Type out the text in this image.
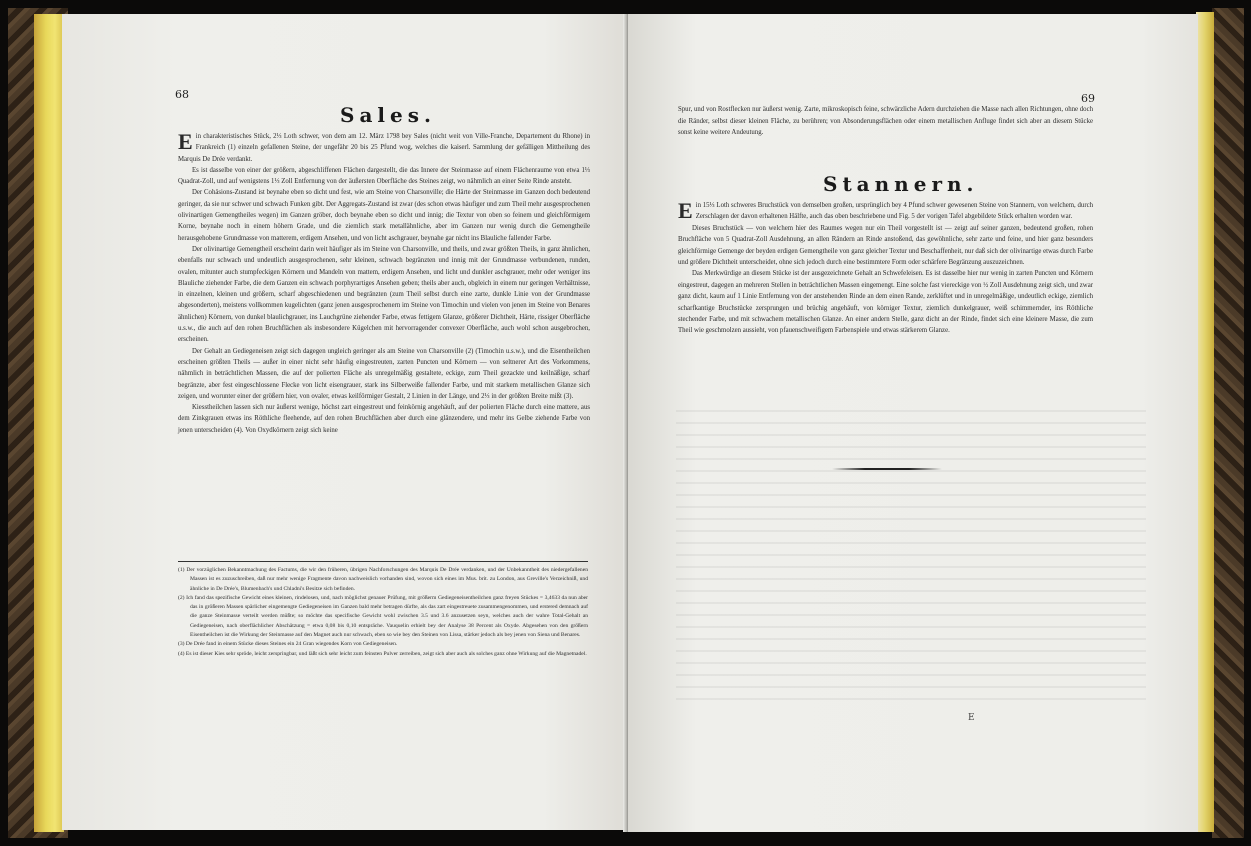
68
Sales.

Ein charakteristisches Stück, 2⅓ Loth schwer, von dem am 12. März 1798 bey Sales (nicht weit von Ville-Franche, Departement du Rhone) in Frankreich (1) einzeln gefallenen Steine, der ungefähr 20 bis 25 Pfund wog, welches die kaiserl. Sammlung der gefälligen Mittheilung des Marquis De Drée verdankt.

Es ist dasselbe von einer der größern, abgeschliffenen Flächen dargestellt, die das Innere der Steinmasse auf einem Flächenraume von etwa 1⅓ Quadrat-Zoll, und auf wenigstens 1⅓ Zoll Entfernung von der äußersten Oberfläche des Steines zeigt, wo nähmlich an einer Seite Rinde ansteht.

Der Cohäsions-Zustand ist beynahe eben so dicht und fest, wie am Steine von Charsonville; die Härte der Steinmasse im Ganzen doch bedeutend geringer, da sie nur schwer und schwach Funken gibt. Der Aggregats-Zustand ist zwar (des schon etwas häufiger und zum Theil mehr ausgesprochenen olivinartigen Gemengtheiles wegen) im Ganzen gröber, doch beynahe eben so dicht und innig; die Textur von oben so feinem und gleichförmigem Korne, beynahe noch in einem höhern Grade, und die ziemlich stark metallähnliche, aber im Ganzen nur wenig durch die Gemengtheile herausgehobene Grundmasse von matterem, erdigem Ansehen, und von licht aschgrauer, beynahe gar nicht ins Blauliche fallender Farbe.

Der olivinartige Gemengtheil erscheint darin weit häufiger als im Steine von Charsonville, und theils, und zwar größten Theils, in ganz ähnlichen, ebenfalls nur schwach und undeutlich ausgesprochenen, sehr kleinen, schwach begränzten und innig mit der Grundmasse verbundenen, runden, ovalen, mitunter auch stumpfeckigen Körnern und Mandeln von mattem, erdigem Ansehen, und licht und dunkler aschgrauer, mehr oder weniger ins Blauliche ziehender Farbe, die dem Ganzen ein schwach porphyrartiges Ansehen geben; theils aber auch, obgleich in einem nur geringen Verhältnisse, in einzelnen, kleinen und größern, scharf abgeschiedenen und begränzten (zum Theil selbst durch eine zarte, dunkle Linie von der Grundmasse abgesonderten), meistens vollkommen kugelichten (ganz jenen ausgesprochenern im Steine von Timochin und vielen von jenen im Steine von Benares ähnlichen) Körnern, von dunkel blaulichgrauer, ins Lauchgrüne ziehender Farbe, etwas fettigem Glanze, größerer Dichtheit, Härte, rissiger Oberfläche u.s.w., die auch auf den rohen Bruchflächen als insbesondere Kügelchen mit hervorragender convexer Oberfläche, auch wohl schon ausgebrochen, erscheinen.

Der Gehalt an Gediegeneisen zeigt sich dagegen ungleich geringer als am Steine von Charsonville (2) (Timochin u.s.w.), und die Eisentheilchen erscheinen größten Theils — außer in einer nicht sehr häufig eingestreuten, zarten Puncten und Körnern — von seltnerer Art des Vorkommens, nähmlich in beträchtlichen Massen, die auf der polierten Fläche als unregelmäßig gestaltete, eckige, zum Theil gezackte und keilnäßige, scharf begränzte, aber fest eingeschlossene Flecke von licht eisengrauer, stark ins Silberweiße fallender Farbe, und mit starkem metallischen Glanze sich zeigen, und worunter einer der größern hier, von ovaler, etwas keilförmiger Gestalt, 2 Linien in der Länge, und 2⅓ in der größten Breite mißt (3).

Kiesstheilchen lassen sich nur äußerst wenige, höchst zart eingestreut und feinkörnig angehäuft, auf der polierten Fläche durch eine mattere, aus dem Zinkgrauen etwas ins Röthliche fleehende, auf den rohen Bruchflächen aber durch eine glänzendere, und mehr ins Gelbe ziehende Farbe von jenen unterscheiden (4). Von Oxydkörnern zeigt sich keine

(1) Der vorzüglichen Bekanntmachung des Factums, die wir den früheren, übrigen Nachforschungen des Marquis De Drée verdanken, und der Unbekanntheit des niedergefallenen Massen ist es zuzuschreiben, daß nur mehr wenige Fragmente davon nachweislich vorhanden sind, wovon sich eines im Mus. brit. zu London, aus Greville's Verzeichniß, und ähnliche in De Drée's, Blumenbach's und Chladni's Besitze sich befinden.

(2) Ich fand das spezifische Gewicht eines kleinen, rindelosen, und, nach möglichst genauer Prüfung, mit größerm Gediegeneisentheilchen ganz freyen Stückes = 3,4633 da nun aber das in größeren Massen spärlicher eingemengte Gediegeneisen im Ganzen bald mehr betragen dürfte, als das zart eingestreuete zusammengenommen, und erstered demnach auf die ganze Steinmasse verteilt werden müßte; so möchte das specifische Gewicht wohl zwischen 3.5 und 3.6 anzusetzen seyn, welches auch der wahre Total-Gehalt an Gediegeneisen, nach oberflächlicher Abschätzung = etwa 0,08 bis 0,10 entspräche. Vauquelin erhielt bey der Analyse 38 Percent als Oxyde. Abgesehen von den größern Eisentheilchen ist die Wirkung der Steinmasse auf den Magnet auch nur schwach, eben so wie bey den Steinen von Lissa, stärker jedoch als bey jenen von Siena und Benares.

(3) De Drée fand in einem Stücke dieses Steines ein 24 Gran wiegendes Korn von Gediegeneisen.

(4) Es ist dieser Kies sehr spröde, leicht zerspringbar, und läßt sich sehr leicht zum feinsten Pulver zerreiben, zeigt sich aber auch als solches ganz ohne Wirkung auf die Magnetnadel.

69

Spur, und von Rostflecken nur äußerst wenig. Zarte, mikroskopisch feine, schwärzliche Adern durchziehen die Masse nach allen Richtungen, ohne doch die Ränder, selbst dieser kleinen Fläche, zu berühren; von Absonderungsflächen oder einem metallischen Anfluge findet sich aber an diesem Stücke sonst keine weitere Andeutung.

Stannern.

Ein 15⅓ Loth schweres Bruchstück von demselben großen, ursprünglich bey 4 Pfund schwer gewesenen Steine von Stannern, von welchem, durch Zerschlagen der davon erhaltenen Hälfte, auch das oben beschriebene und Fig. 5 der vorigen Tafel abgebildete Stück erhalten worden war.

Dieses Bruchstück — von welchem hier des Raumes wegen nur ein Theil vorgestellt ist — zeigt auf seiner ganzen, bedeutend großen, rohen Bruchfläche von 5 Quadrat-Zoll Ausdehnung, an allen Rändern an Rinde anstoßend, das gewöhnliche, sehr zarte und feine, und hier ganz besonders gleichförmige Gemenge der beyden erdigen Gemengtheile von ganz gleicher Textur und Beschaffenheit, nur daß sich der olivinartige etwas durch Farbe und größere Dichtheit unterscheidet, ohne sich jedoch durch eine bestimmtere Form oder schärfere Begränzung auszuzeichnen.

Das Merkwürdige an diesem Stücke ist der ausgezeichnete Gehalt an Schwefeleisen. Es ist dasselbe hier nur wenig in zarten Puncten und Körnern eingestreut, dagegen an mehreren Stellen in beträchtlichen Massen eingemengt. Eine solche fast viereckige von ½ Zoll Ausdehnung zeigt sich, und zwar ganz dicht, kaum auf 1 Linie Entfernung von der anstehenden Rinde an dem einen Rande, zerklüftet und in unregelmäßige, undeutlich eckige, ziemlich scharfkantige Bruchstücke zersprungen und brüchig angehäuft, von körniger Textur, ziemlich dunkelgrauer, weiß schimmernder, ins Röthliche stechender Farbe, und mit schwachem metallischen Glanze. An einer andern Stelle, ganz dicht an der Rinde, findet sich eine kleinere Masse, die zum Theil wie geschmolzen aussieht, von pfauenschweifigem Farbenspiele und etwas stärkerem Glanze.

E
